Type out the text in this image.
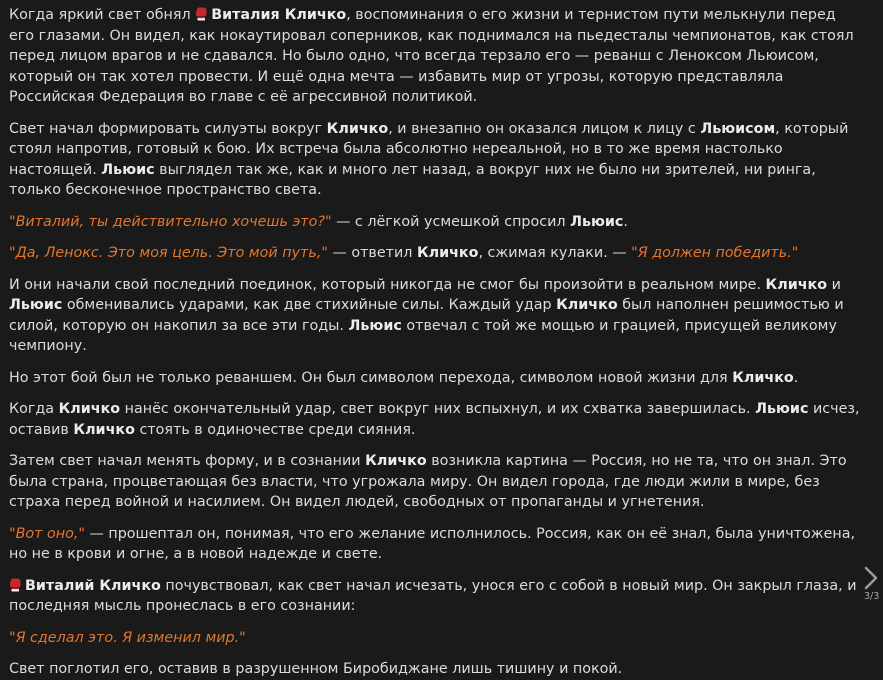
Когда яркий свет обнял Виталия Кличко, воспоминания о его жизни и тернистом пути мелькнули перед его глазами. Он видел, как нокаутировал соперников, как поднимался на пьедесталы чемпионатов, как стоял перед лицом врагов и не сдавался. Но было одно, что всегда терзало его — реванш с Леноксом Льюисом, который он так хотел провести. И ещё одна мечта — избавить мир от угрозы, которую представляла Российская Федерация во главе с её агрессивной политикой.

Свет начал формировать силуэты вокруг Кличко, и внезапно он оказался лицом к лицу с Льюисом, который стоял напротив, готовый к бою. Их встреча была абсолютно нереальной, но в то же время настолько настоящей. Льюис выглядел так же, как и много лет назад, а вокруг них не было ни зрителей, ни ринга, только бесконечное пространство света.

"Виталий, ты действительно хочешь это?" — с лёгкой усмешкой спросил Льюис.

"Да, Ленокс. Это моя цель. Это мой путь," — ответил Кличко, сжимая кулаки. — "Я должен победить."

И они начали свой последний поединок, который никогда не смог бы произойти в реальном мире. Кличко и Льюис обменивались ударами, как две стихийные силы. Каждый удар Кличко был наполнен решимостью и силой, которую он накопил за все эти годы. Льюис отвечал с той же мощью и грацией, присущей великому чемпиону.

Но этот бой был не только реваншем. Он был символом перехода, символом новой жизни для Кличко.

Когда Кличко нанёс окончательный удар, свет вокруг них вспыхнул, и их схватка завершилась. Льюис исчез, оставив Кличко стоять в одиночестве среди сияния.

Затем свет начал менять форму, и в сознании Кличко возникла картина — Россия, но не та, что он знал. Это была страна, процветающая без власти, что угрожала миру. Он видел города, где люди жили в мире, без страха перед войной и насилием. Он видел людей, свободных от пропаганды и угнетения.

"Вот оно," — прошептал он, понимая, что его желание исполнилось. Россия, как он её знал, была уничтожена, но не в крови и огне, а в новой надежде и свете.

Виталий Кличко почувствовал, как свет начал исчезать, унося его с собой в новый мир. Он закрыл глаза, и последняя мысль пронеслась в его сознании:

"Я сделал это. Я изменил мир."

Свет поглотил его, оставив в разрушенном Биробиджане лишь тишину и покой.

3/3
